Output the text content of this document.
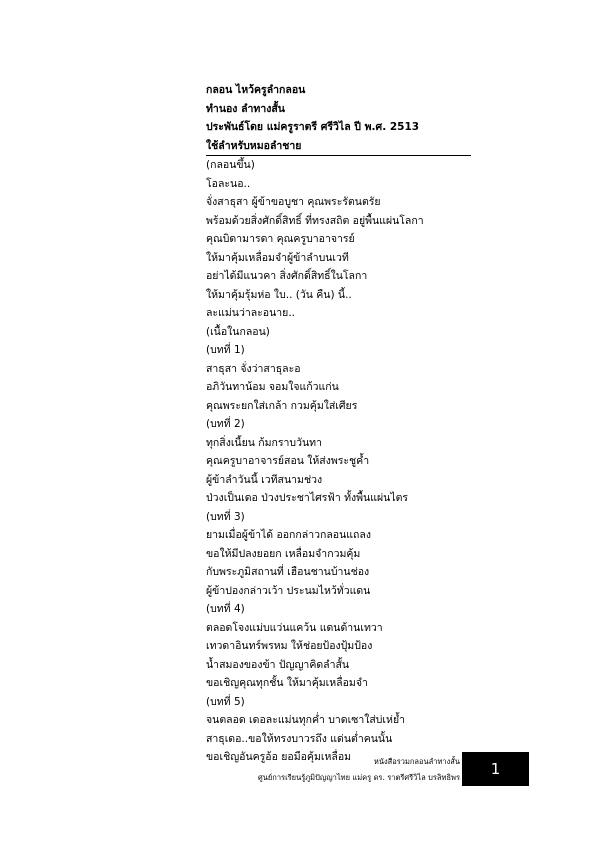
กลอน ไหว้ครูลำกลอน
ทำนอง ลำทางสั้น
ประพันธ์โดย แม่ครูราตรี ศรีวิไล ปี พ.ศ. 2513
ใช้ลำหรับหมอลำชาย
(กลอนขึ้น)
โอละนอ..
จั่งสาธุสา ผู้ข้าขอบูชา คุณพระรัตนตรัย
พร้อมด้วยสิ่งศักดิ์สิทธิ์ ที่ทรงสถิต อยู่พื้นแผ่นโลกา
คุณบิดามารดา คุณครูบาอาจารย์
ให้มาคุ้มเหลื่อมจำผู้ข้าลำบนเวที
อย่าได้มีแนวคา สิ่งศักดิ์สิทธิ์ในโลกา
ให้มาคุ้มรุ้มห่อ ใบ.. (วัน คืน) นี้..
ละแม่นว่าละอนาย..
(เนื้อในกลอน)
(บทที่ 1)
สาธุสา จั่งว่าสาธุละอ
อภิวันทาน้อม จอมใจแก้วแก่น
คุณพระยกใส่เกล้า กวมคุ้มใส่เศียร
(บทที่ 2)
ทุกสิ่งเนี้ยน ก้มกราบวันทา
คุณครูบาอาจารย์สอน ให้ส่งพระชูค้ำ
ผู้ข้าลำวันนี้ เวทีสนามช่วง
ป่วงเป็นเดอ ป่วงประชาไศรฟ้า ทั้งพื้นแผ่นไตร
(บทที่ 3)
ยามเมื่อผู้ข้าได้ ออกกล่าวกลอนแถลง
ขอให้มีปลงยอยก เหลื่อมจำกวมคุ้ม
กับพระภูมิสถานที่ เฮือนชานบ้านช่อง
ผู้ข้าปองกล่าวเว้า ประนมไหว้ทั่วแดน
(บทที่ 4)
ตลอดโจงแม่บแว่นแคว้น แดนด้านเทวา
เทวดาอินทร์พรหม ให้ช่อยป้องปุ้มป้อง
น้ำสมองของข้า ปัญญาคิดลำสั้น
ขอเชิญคุณทุกชั้น ให้มาคุ้มเหลื่อมจำ
(บทที่ 5)
จนตลอด เดอละแม่นทุกค่ำ บาดเซาใส่บ่เห่ย้ำ
สาธุเดอ..ขอให้ทรงบาวรถึง แด่นต่ำคนนั้น
ขอเชิญอันครูอ้อ ยอมือคุ้มเหลื่อม	หนังสือรวมกลอนลำทางสั้น
ศูนย์การเรียนรู้ภูมิปัญญาไทย แม่ครู ดร. ราตรีศรีวิไล บรลิทธิพร	1
